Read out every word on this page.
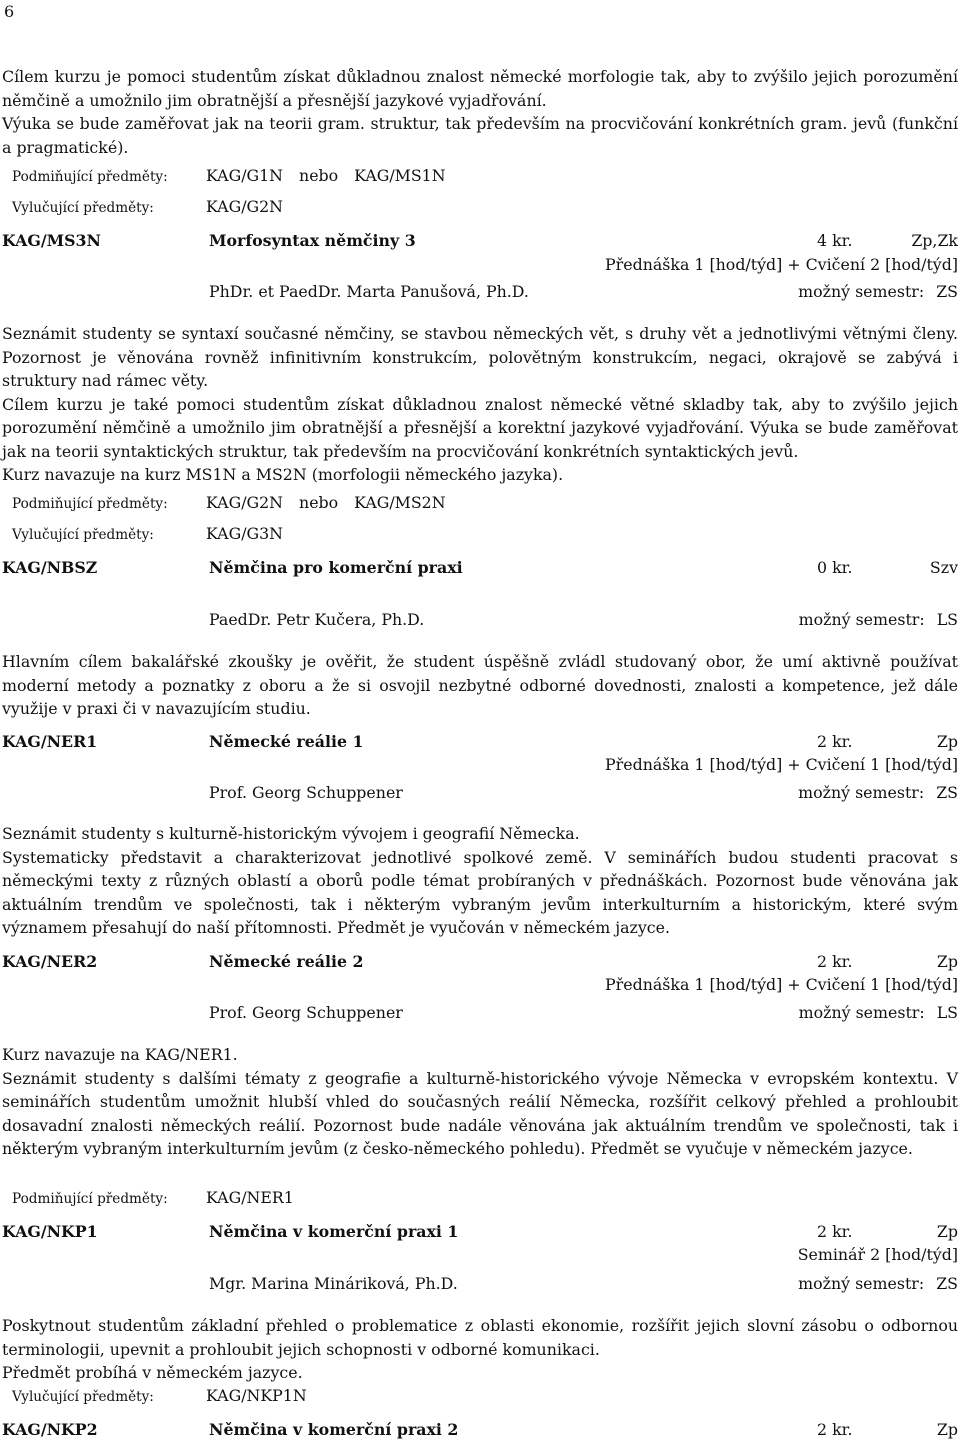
6

Cílem kurzu je pomoci studentům získat důkladnou znalost německé morfologie tak, aby to zvýšilo jejich porozumění němčině a umožnilo jim obratnější a přesnější jazykové vyjadřování.
Výuka se bude zaměřovat jak na teorii gram. struktur, tak především na procvičování konkrétních gram. jevů (funkční a pragmatické).

Podmiňující předměty: KAG/G1N nebo KAG/MS1N
Vylučující předměty:	KAG/G2N
KAG/MS3N	Morfosyntax němčiny 3	4 kr.	Zp,Zk
Přednáška 1 [hod/týd] + Cvičení 2 [hod/týd]
PhDr. et PaedDr. Marta Panušová, Ph.D.	možný semestr: ZS

Seznámit studenty se syntaxí současné němčiny, se stavbou německých vět, s druhy vět a jednotlivými větnými členy. Pozornost je věnována rovněž infinitivním konstrukcím, polovětným konstrukcím, negaci, okrajově se zabývá i struktury nad rámec věty.
Cílem kurzu je také pomoci studentům získat důkladnou znalost německé větné skladby tak, aby to zvýšilo jejich porozumění němčině a umožnilo jim obratnější a přesnější a korektní jazykové vyjadřování. Výuka se bude zaměřovat jak na teorii syntaktických struktur, tak především na procvičování konkrétních syntaktických jevů.
Kurz navazuje na kurz MS1N a MS2N (morfologii německého jazyka).

Podmiňující předměty: KAG/G2N nebo KAG/MS2N
Vylučující předměty:	KAG/G3N
KAG/NBSZ	Němčina pro komerční praxi	0 kr.	Szv
PaedDr. Petr Kučera, Ph.D.	možný semestr: LS

Hlavním cílem bakalářské zkoušky je ověřit, že student úspěšně zvládl studovaný obor, že umí aktivně používat moderní metody a poznatky z oboru a že si osvojil nezbytné odborné dovednosti, znalosti a kompetence, jež dále využije v praxi či v navazujícím studiu.

KAG/NER1	Německé reálie 1	2 kr.	Zp
Přednáška 1 [hod/týd] + Cvičení 1 [hod/týd]
Prof. Georg Schuppener	možný semestr: ZS

Seznámit studenty s kulturně-historickým vývojem i geografií Německa.
Systematicky představit a charakterizovat jednotlivé spolkové země. V seminářích budou studenti pracovat s německými texty z různých oblastí a oborů podle témat probíraných v přednáškách. Pozornost bude věnována jak aktuálním trendům ve společnosti, tak i některým vybraným jevům interkulturním a historickým, které svým významem přesahují do naší přítomnosti. Předmět je vyučován v německém jazyce.

KAG/NER2	Německé reálie 2	2 kr.	Zp
Přednáška 1 [hod/týd] + Cvičení 1 [hod/týd]
Prof. Georg Schuppener	možný semestr: LS

Kurz navazuje na KAG/NER1.
Seznámit studenty s dalšími tématy z geografie a kulturně-historického vývoje Německa v evropském kontextu. V seminářích studentům umožnit hlubší vhled do současných reálií Německa, rozšířit celkový přehled a prohloubit dosavadní znalosti německých reálií. Pozornost bude nadále věnována jak aktuálním trendům ve společnosti, tak i některým vybraným interkulturním jevům (z česko-německého pohledu). Předmět se vyučuje v německém jazyce.

Podmiňující předměty: KAG/NER1
KAG/NKP1	Němčina v komerční praxi 1	2 kr.	Zp
Seminář 2 [hod/týd]
Mgr. Marina Mináriková, Ph.D.	možný semestr: ZS

Poskytnout studentům základní přehled o problematice z oblasti ekonomie, rozšířit jejich slovní zásobu o odbornou terminologii, upevnit a prohloubit jejich schopnosti v odborné komunikaci.
Předmět probíhá v německém jazyce.

Vylučující předměty:	KAG/NKP1N
KAG/NKP2	Němčina v komerční praxi 2	2 kr.	Zp
